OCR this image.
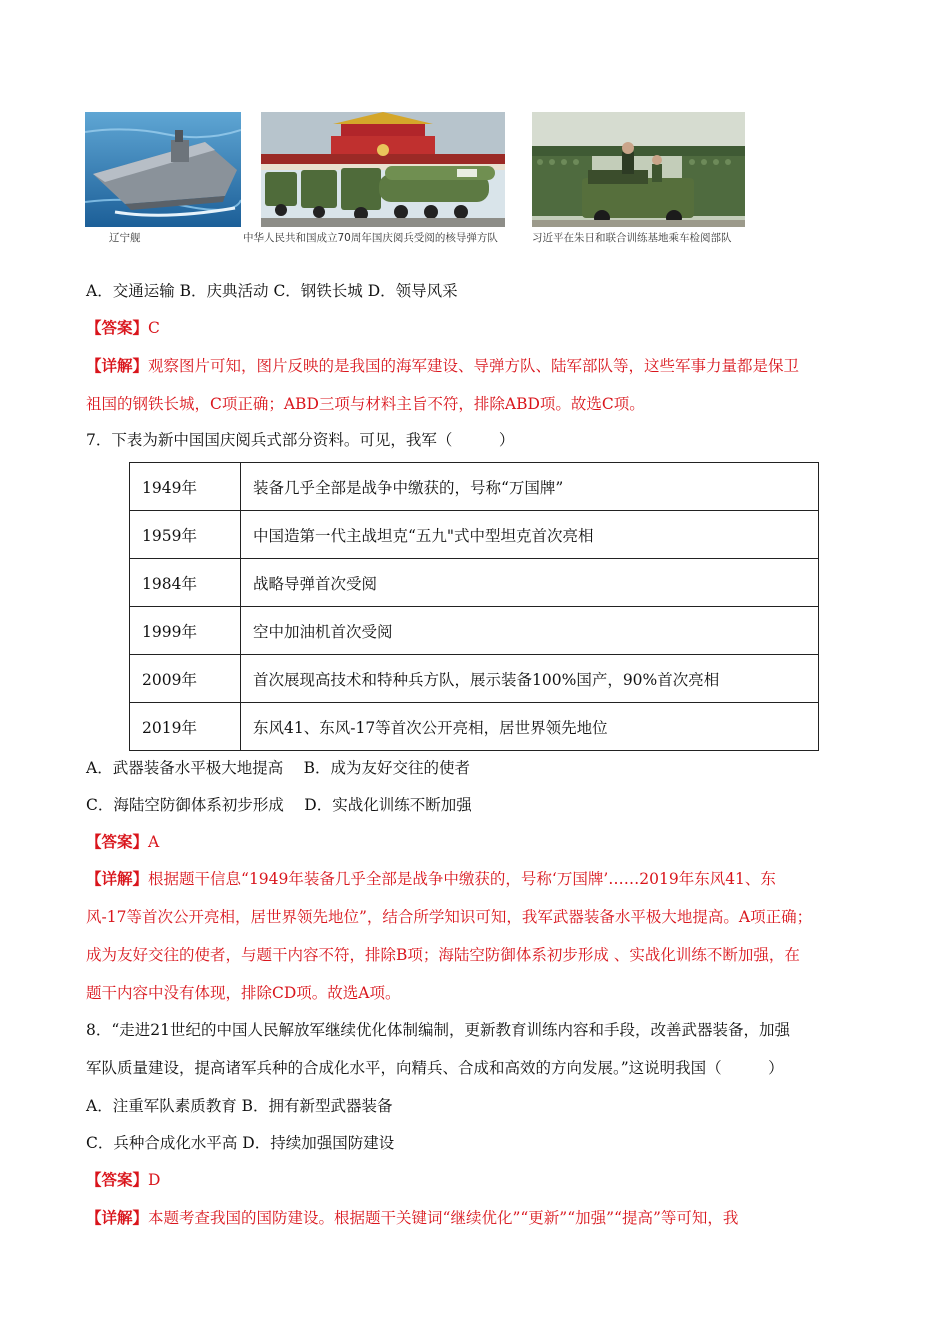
辽宁舰	中华人民共和国成立70周年国庆阅兵受阅的核导弹方队	习近平在朱日和联合训练基地乘车检阅部队
A．交通运输 B．庆典活动 C．钢铁长城 D．领导风采
【答案】C
【详解】观察图片可知，图片反映的是我国的海军建设、导弹方队、陆军部队等，这些军事力量都是保卫
祖国的钢铁长城，C项正确；ABD三项与材料主旨不符，排除ABD项。故选C项。
7．下表为新中国国庆阅兵式部分资料。可见，我军（　　　）
1949年	装备几乎全部是战争中缴获的，号称“万国牌”
1959年	中国造第一代主战坦克“五九"式中型坦克首次亮相
1984年	战略导弹首次受阅
1999年	空中加油机首次受阅
2009年	首次展现高技术和特种兵方队，展示装备100%国产，90%首次亮相
2019年	东风41、东风-17等首次公开亮相，居世界领先地位
A．武器装备水平极大地提高　 B．成为友好交往的使者
C．海陆空防御体系初步形成　 D．实战化训练不断加强
【答案】A
【详解】根据题干信息“1949年装备几乎全部是战争中缴获的，号称‘万国牌’……2019年东风41、东
风-17等首次公开亮相，居世界领先地位”，结合所学知识可知，我军武器装备水平极大地提高。A项正确；
成为友好交往的使者，与题干内容不符，排除B项；海陆空防御体系初步形成 、实战化训练不断加强，在
题干内容中没有体现，排除CD项。故选A项。
8．“走进21世纪的中国人民解放军继续优化体制编制，更新教育训练内容和手段，改善武器装备，加强
军队质量建设，提高诸军兵种的合成化水平，向精兵、合成和高效的方向发展。”这说明我国（　　　）
A．注重军队素质教育 B．拥有新型武器装备
C．兵种合成化水平高 D．持续加强国防建设
【答案】D
【详解】本题考查我国的国防建设。根据题干关键词“继续优化”“更新”“加强”“提高”等可知，我
